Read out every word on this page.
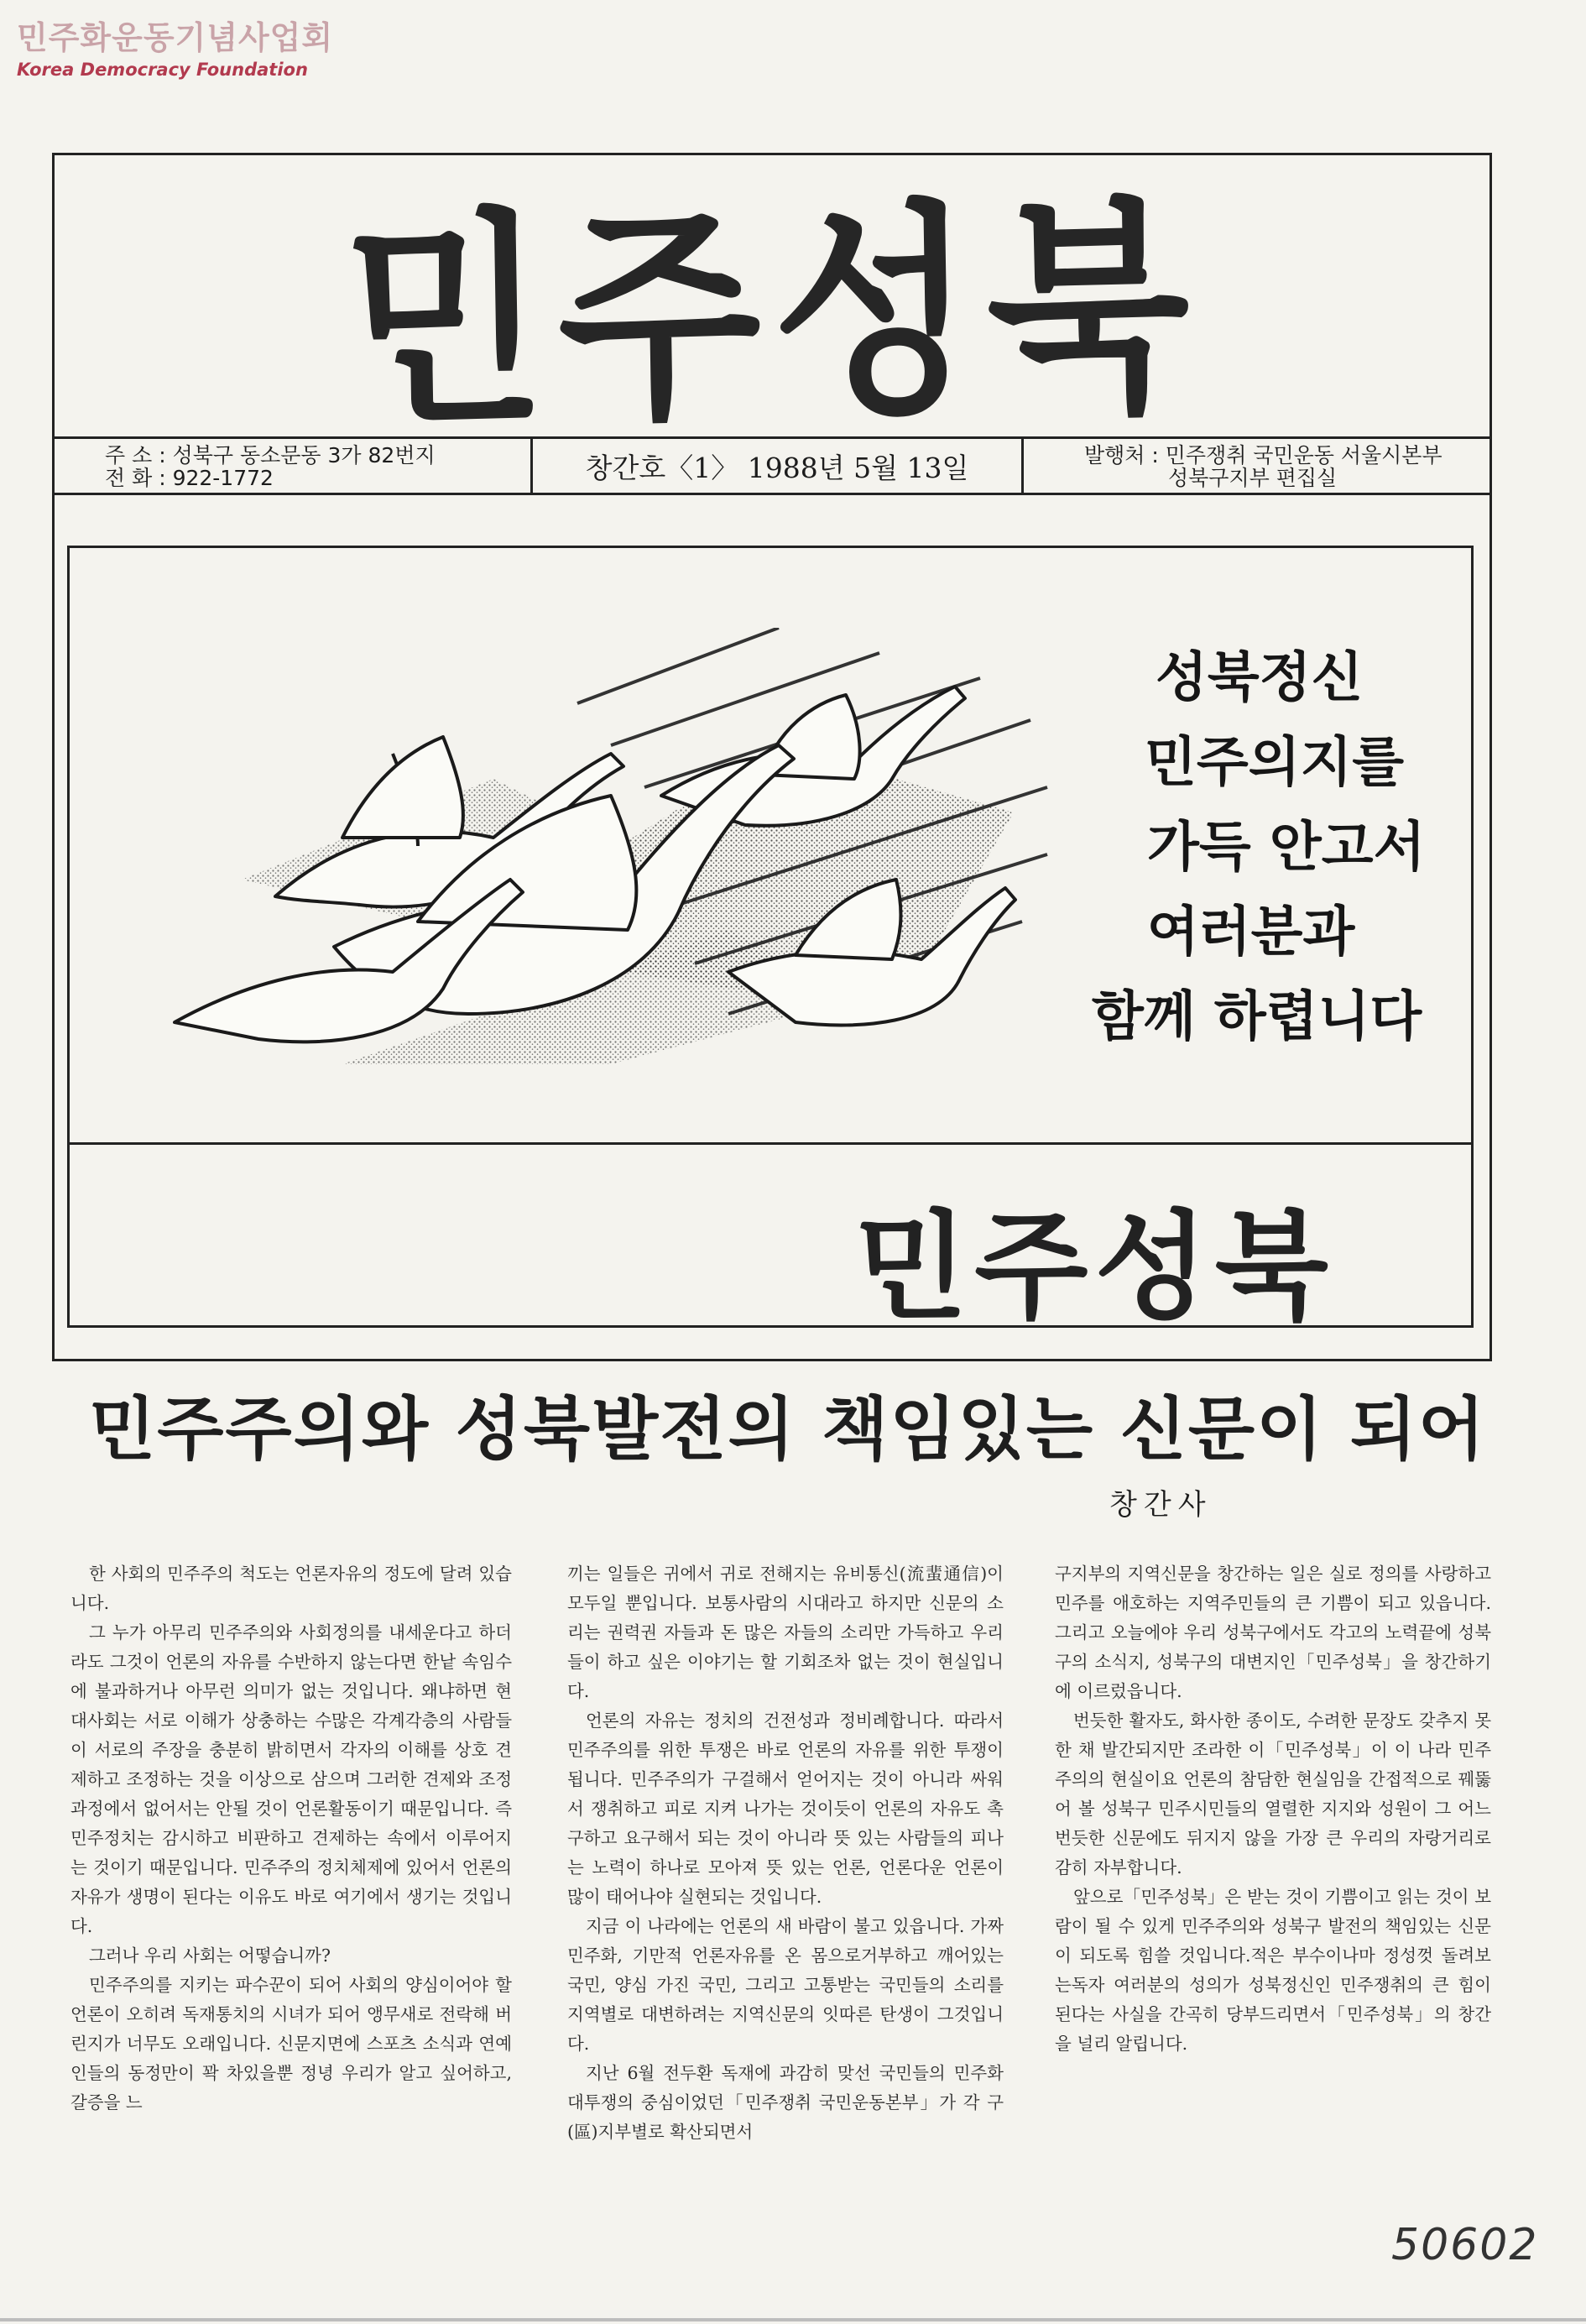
민주화운동기념사업회
Korea Democracy Foundation
민주성북
주 소 : 성북구 동소문동 3가 82번지
전 화 : 922-1772	창간호〈1〉 1988년 5월 13일	발행처 : 민주쟁취 국민운동 서울시본부
성북구지부 편집실
성북정신
민주의지를
가득 안고서
여러분과
함께 하렵니다
민주성북
민주주의와 성북발전의 책임있는 신문이 되어
창간사

한 사회의 민주주의 척도는 언론자유의 정도에 달려 있습니다.

그 누가 아무리 민주주의와 사회정의를 내세운다고 하더라도 그것이 언론의 자유를 수반하지 않는다면 한낱 속임수에 불과하거나 아무런 의미가 없는 것입니다. 왜냐하면 현대사회는 서로 이해가 상충하는 수많은 각계각층의 사람들이 서로의 주장을 충분히 밝히면서 각자의 이해를 상호 견제하고 조정하는 것을 이상으로 삼으며 그러한 견제와 조정과정에서 없어서는 안될 것이 언론활동이기 때문입니다. 즉 민주정치는 감시하고 비판하고 견제하는 속에서 이루어지는 것이기 때문입니다. 민주주의 정치체제에 있어서 언론의 자유가 생명이 된다는 이유도 바로 여기에서 생기는 것입니다.

그러나 우리 사회는 어떻습니까?

민주주의를 지키는 파수꾼이 되어 사회의 양심이어야 할 언론이 오히려 독재통치의 시녀가 되어 앵무새로 전락해 버린지가 너무도 오래입니다. 신문지면에 스포츠 소식과 연예인들의 동정만이 꽉 차있을뿐 정녕 우리가 알고 싶어하고, 갈증을 느

끼는 일들은 귀에서 귀로 전해지는 유비통신(流蜚通信)이 모두일 뿐입니다. 보통사람의 시대라고 하지만 신문의 소리는 권력권 자들과 돈 많은 자들의 소리만 가득하고 우리들이 하고 싶은 이야기는 할 기회조차 없는 것이 현실입니다.

언론의 자유는 정치의 건전성과 정비례합니다. 따라서 민주주의를 위한 투쟁은 바로 언론의 자유를 위한 투쟁이 됩니다. 민주주의가 구걸해서 얻어지는 것이 아니라 싸워서 쟁취하고 피로 지켜 나가는 것이듯이 언론의 자유도 촉구하고 요구해서 되는 것이 아니라 뜻 있는 사람들의 피나는 노력이 하나로 모아져 뜻 있는 언론, 언론다운 언론이 많이 태어나야 실현되는 것입니다.

지금 이 나라에는 언론의 새 바람이 불고 있읍니다. 가짜 민주화, 기만적 언론자유를 온 몸으로거부하고 깨어있는 국민, 양심 가진 국민, 그리고 고통받는 국민들의 소리를 지역별로 대변하려는 지역신문의 잇따른 탄생이 그것입니다.

지난 6월 전두환 독재에 과감히 맞선 국민들의 민주화 대투쟁의 중심이었던「민주쟁취 국민운동본부」가 각 구(區)지부별로 확산되면서

구지부의 지역신문을 창간하는 일은 실로 정의를 사랑하고 민주를 애호하는 지역주민들의 큰 기쁨이 되고 있읍니다. 그리고 오늘에야 우리 성북구에서도 각고의 노력끝에 성북구의 소식지, 성북구의 대변지인「민주성북」을 창간하기에 이르렀읍니다.

번듯한 활자도, 화사한 종이도, 수려한 문장도 갖추지 못한 채 발간되지만 조라한 이「민주성북」이 이 나라 민주주의의 현실이요 언론의 참담한 현실임을 간접적으로 꿰뚫어 볼 성북구 민주시민들의 열렬한 지지와 성원이 그 어느번듯한 신문에도 뒤지지 않을 가장 큰 우리의 자랑거리로 감히 자부합니다.

앞으로「민주성북」은 받는 것이 기쁨이고 읽는 것이 보람이 될 수 있게 민주주의와 성북구 발전의 책임있는 신문이 되도록 힘쓸 것입니다.적은 부수이나마 정성껏 돌려보는독자 여러분의 성의가 성북정신인 민주쟁취의 큰 힘이 된다는 사실을 간곡히 당부드리면서「민주성북」의 창간을 널리 알립니다.

50602
